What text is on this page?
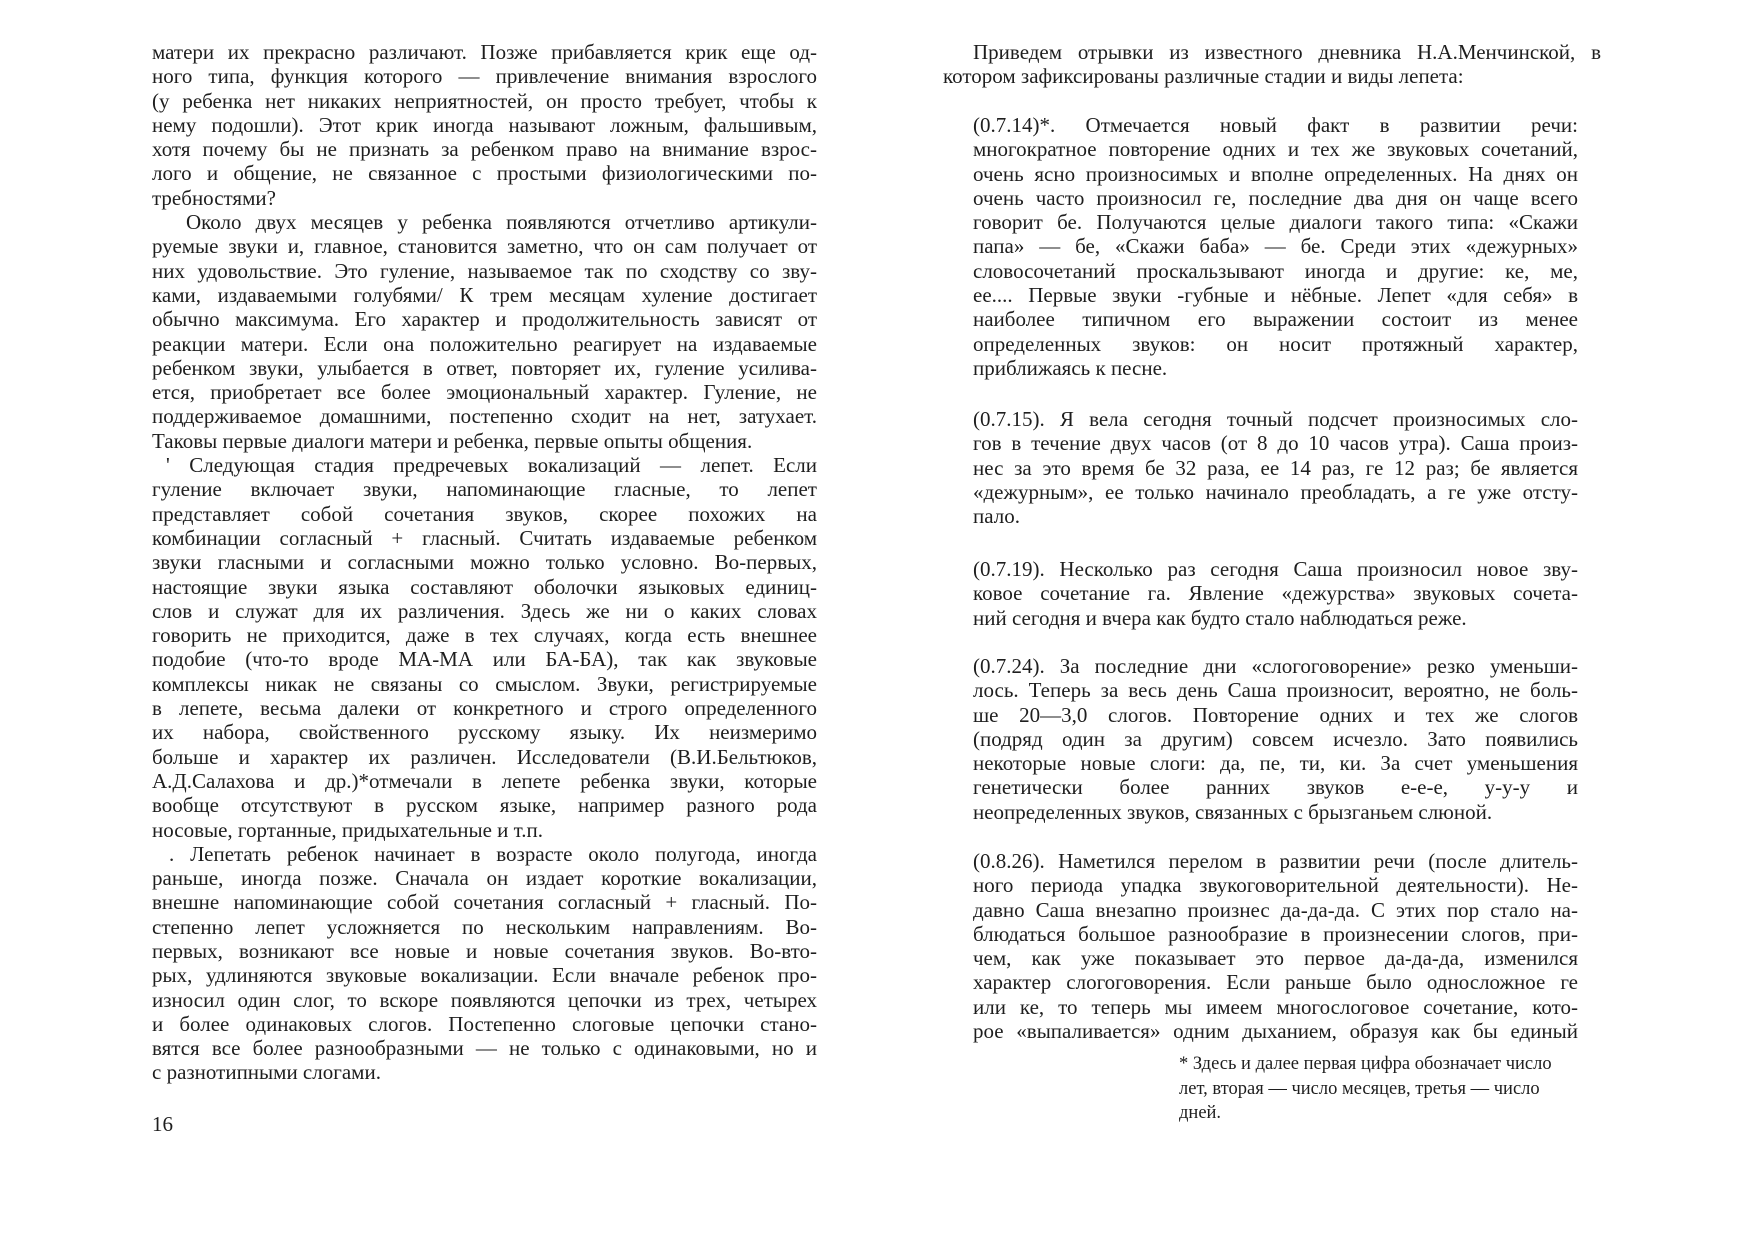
матери их прекрасно различают. Позже прибавляется крик еще од-
ного типа, функция которого — привлечение внимания взрослого
(у ребенка нет никаких неприятностей, он просто требует, чтобы к
нему подошли). Этот крик иногда называют ложным, фальшивым,
хотя почему бы не признать за ребенком право на внимание взрос-
лого и общение, не связанное с простыми физиологическими по-
требностями?
Около двух месяцев у ребенка появляются отчетливо артикули-
руемые звуки и, главное, становится заметно, что он сам получает от
них удовольствие. Это гуление, называемое так по сходству со зву-
ками, издаваемыми голубями/ К трем месяцам хуление достигает
обычно максимума. Его характер и продолжительность зависят от
реакции матери. Если она положительно реагирует на издаваемые
ребенком звуки, улыбается в ответ, повторяет их, гуление усилива-
ется, приобретает все более эмоциональный характер. Гуление, не
поддерживаемое домашними, постепенно сходит на нет, затухает.
Таковы первые диалоги матери и ребенка, первые опыты общения.
' Следующая стадия предречевых вокализаций — лепет. Если
гуление включает звуки, напоминающие гласные, то лепет
представляет собой сочетания звуков, скорее похожих на
комбинации согласный + гласный. Считать издаваемые ребенком
звуки гласными и согласными можно только условно. Во-первых,
настоящие звуки языка составляют оболочки языковых единиц-
слов и служат для их различения. Здесь же ни о каких словах
говорить не приходится, даже в тех случаях, когда есть внешнее
подобие (что-то вроде МА-МА или БА-БА), так как звуковые
комплексы никак не связаны со смыслом. Звуки, регистрируемые
в лепете, весьма далеки от конкретного и строго определенного
их набора, свойственного русскому языку. Их неизмеримо
больше и характер их различен. Исследователи (В.И.Бельтюков,
А.Д.Салахова и др.)*отмечали в лепете ребенка звуки, которые
вообще отсутствуют в русском языке, например разного рода
носовые, гортанные, придыхательные и т.п.
. Лепетать ребенок начинает в возрасте около полугода, иногда
раньше, иногда позже. Сначала он издает короткие вокализации,
внешне напоминающие собой сочетания согласный + гласный. По-
степенно лепет усложняется по нескольким направлениям. Во-
первых, возникают все новые и новые сочетания звуков. Во-вто-
рых, удлиняются звуковые вокализации. Если вначале ребенок про-
износил один слог, то вскоре появляются цепочки из трех, четырех
и более одинаковых слогов. Постепенно слоговые цепочки стано-
вятся все более разнообразными — не только с одинаковыми, но и
с разнотипными слогами.
16
Приведем отрывки из известного дневника Н.А.Менчинской, в
котором зафиксированы различные стадии и виды лепета:
(0.7.14)*. Отмечается новый факт в развитии речи:
многократное повторение одних и тех же звуковых сочетаний,
очень ясно произносимых и вполне определенных. На днях он
очень часто произносил ге, последние два дня он чаще всего
говорит бе. Получаются целые диалоги такого типа: «Скажи
папа» — бе, «Скажи баба» — бе. Среди этих «дежурных»
словосочетаний проскальзывают иногда и другие: ке, ме,
ее.... Первые звуки -губные и нёбные. Лепет «для себя» в
наиболее типичном его выражении состоит из менее
определенных звуков: он носит протяжный характер,
приближаясь к песне.
(0.7.15). Я вела сегодня точный подсчет произносимых сло-
гов в течение двух часов (от 8 до 10 часов утра). Саша произ-
нес за это время бе 32 раза, ее 14 раз, ге 12 раз; бе является
«дежурным», ее только начинало преобладать, а ге уже отсту-
пало.
(0.7.19). Несколько раз сегодня Саша произносил новое зву-
ковое сочетание га. Явление «дежурства» звуковых сочета-
ний сегодня и вчера как будто стало наблюдаться реже.
(0.7.24). За последние дни «слогоговорение» резко уменьши-
лось. Теперь за весь день Саша произносит, вероятно, не боль-
ше 20—3,0 слогов. Повторение одних и тех же слогов
(подряд один за другим) совсем исчезло. Зато появились
некоторые новые слоги: да, пе, ти, ки. За счет уменьшения
генетически более ранних звуков е-е-е, у-у-у и
неопределенных звуков, связанных с брызганьем слюной.
(0.8.26). Наметился перелом в развитии речи (после длитель-
ного периода упадка звукоговорительной деятельности). Не-
давно Саша внезапно произнес да-да-да. С этих пор стало на-
блюдаться большое разнообразие в произнесении слогов, при-
чем, как уже показывает это первое да-да-да, изменился
характер слогоговорения. Если раньше было односложное ге
или ке, то теперь мы имеем многослоговое сочетание, кото-
рое «выпаливается» одним дыханием, образуя как бы единый
* Здесь и далее первая цифра обозначает число
лет, вторая — число месяцев, третья — число
дней.
